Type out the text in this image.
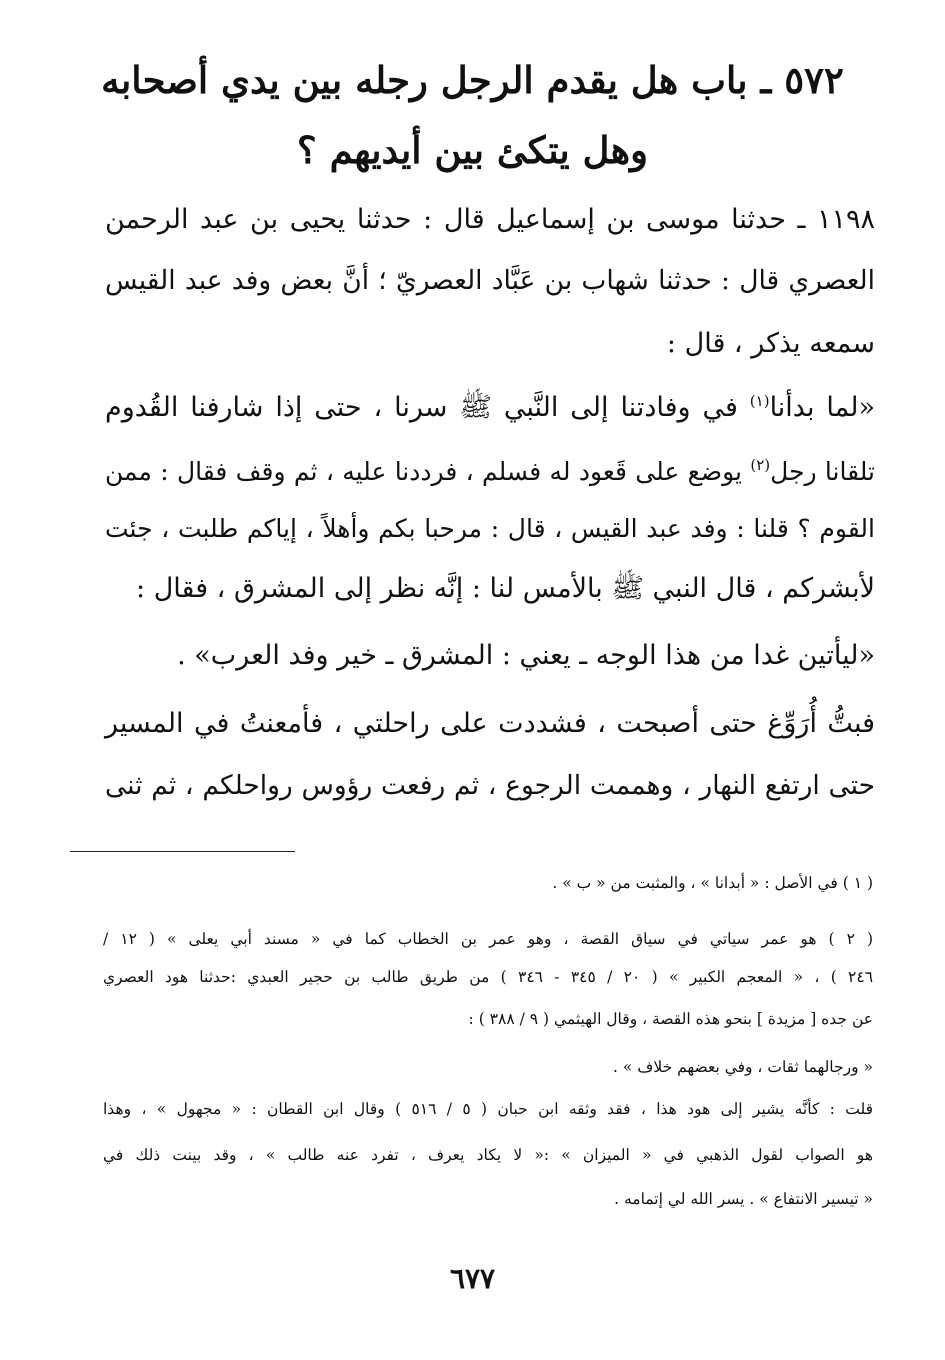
٥٧٢ ـ باب هل يقدم الرجل رجله بين يدي أصحابه
وهل يتكئ بين أيديهم ؟
١١٩٨ ـ حدثنا موسى بن إسماعيل قال : حدثنا يحيى بن عبد الرحمن
العصري قال : حدثنا شهاب بن عَبَّاد العصريّ ؛ أنَّ بعض وفد عبد القيس
سمعه يذكر ، قال :
«لما بدأنا$^{(١)}$ في وفادتنا إلى النَّبي ﷺ سرنا ، حتى إذا شارفنا القُدوم
تلقانا رجل$^{(٢)}$ يوضع على قَعود له فسلم ، فرددنا عليه ، ثم وقف فقال : ممن
القوم ؟ قلنا : وفد عبد القيس ، قال : مرحبا بكم وأهلاً ، إياكم طلبت ، جئت
لأبشركم ، قال النبي ﷺ بالأمس لنا : إنَّه نظر إلى المشرق ، فقال :
«ليأتين غدا من هذا الوجه ـ يعني : المشرق ـ خير وفد العرب» .
فبتُّ أُرَوِّغ حتى أصبحت ، فشددت على راحلتي ، فأمعنتُ في المسير
حتى ارتفع النهار ، وهممت الرجوع ، ثم رفعت رؤوس رواحلكم ، ثم ثنى
( ١ ) في الأصل : « أبدانا » ، والمثبت من « ب » .
( ٢ ) هو عمر سياتي في سياق القصة ، وهو عمر بن الخطاب كما في « مسند أبي يعلى » ( ١٢ /
٢٤٦ ) ، « المعجم الكبير » ( ٢٠ / ٣٤٥ - ٣٤٦ ) من طريق طالب بن حجير العبدي :حدثنا هود العصري
عن جده [ مزيدة ] بنحو هذه القصة ، وقال الهيثمي ( ٩ / ٣٨٨ ) :
« ورجالهما ثقات ، وفي بعضهم خلاف » .
قلت : كأنَّه يشير إلى هود هذا ، فقد وثقه ابن حبان ( ٥ / ٥١٦ ) وقال ابن القطان : « مجهول » ، وهذا
هو الصواب لقول الذهبي في « الميزان » :« لا يكاد يعرف ، تفرد عنه طالب » ، وقد بينت ذلك في
« تيسير الانتفاع » . يسر الله لي إتمامه .
٦٧٧
